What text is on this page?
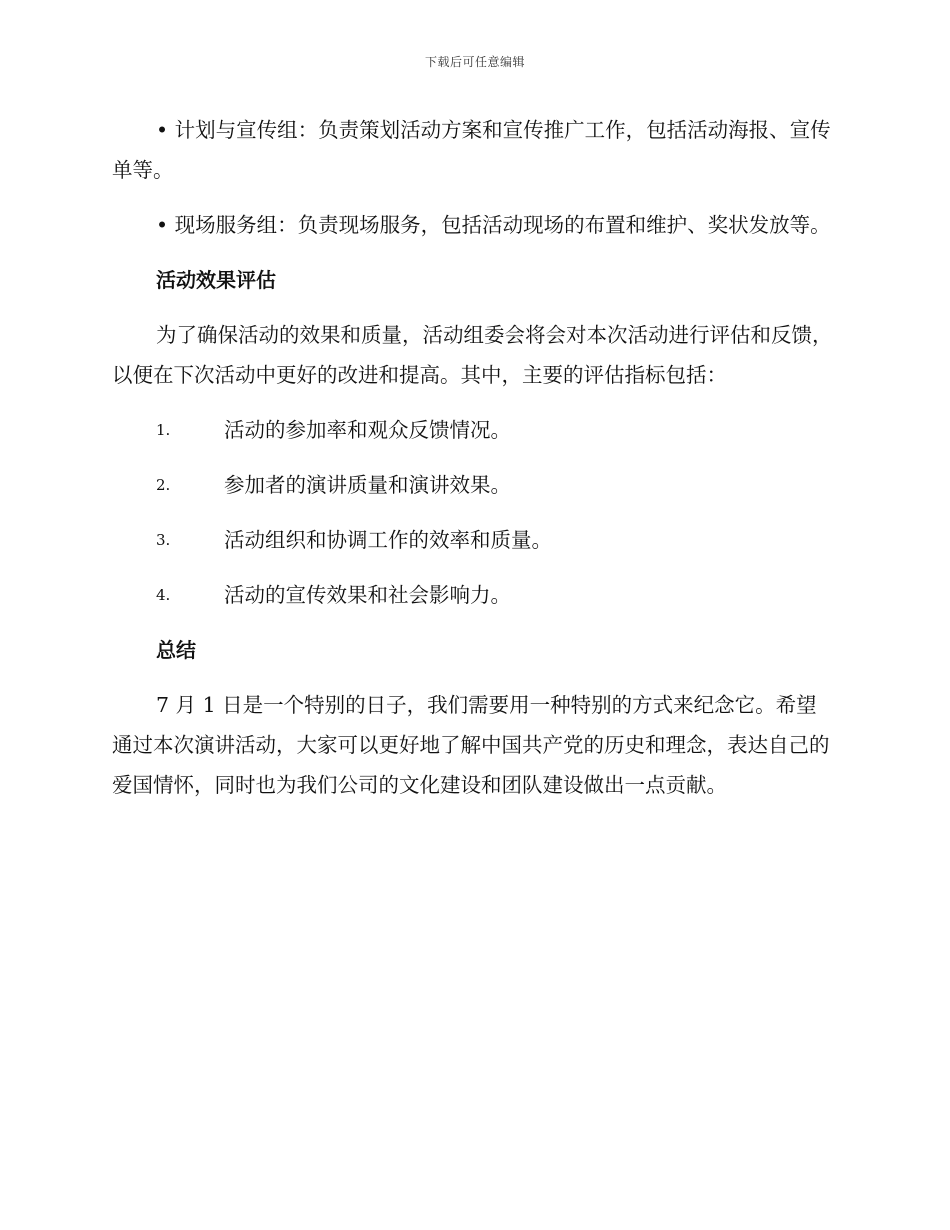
下载后可任意编辑

• 计划与宣传组：负责策划活动方案和宣传推广工作，包括活动海报、宣传单等。

• 现场服务组：负责现场服务，包括活动现场的布置和维护、奖状发放等。

活动效果评估

为了确保活动的效果和质量，活动组委会将会对本次活动进行评估和反馈，以便在下次活动中更好的改进和提高。其中，主要的评估指标包括：

1.	活动的参加率和观众反馈情况。
2.	参加者的演讲质量和演讲效果。
3.	活动组织和协调工作的效率和质量。
4.	活动的宣传效果和社会影响力。
总结

7 月 1 日是一个特别的日子，我们需要用一种特别的方式来纪念它。希望通过本次演讲活动，大家可以更好地了解中国共产党的历史和理念，表达自己的爱国情怀，同时也为我们公司的文化建设和团队建设做出一点贡献。
